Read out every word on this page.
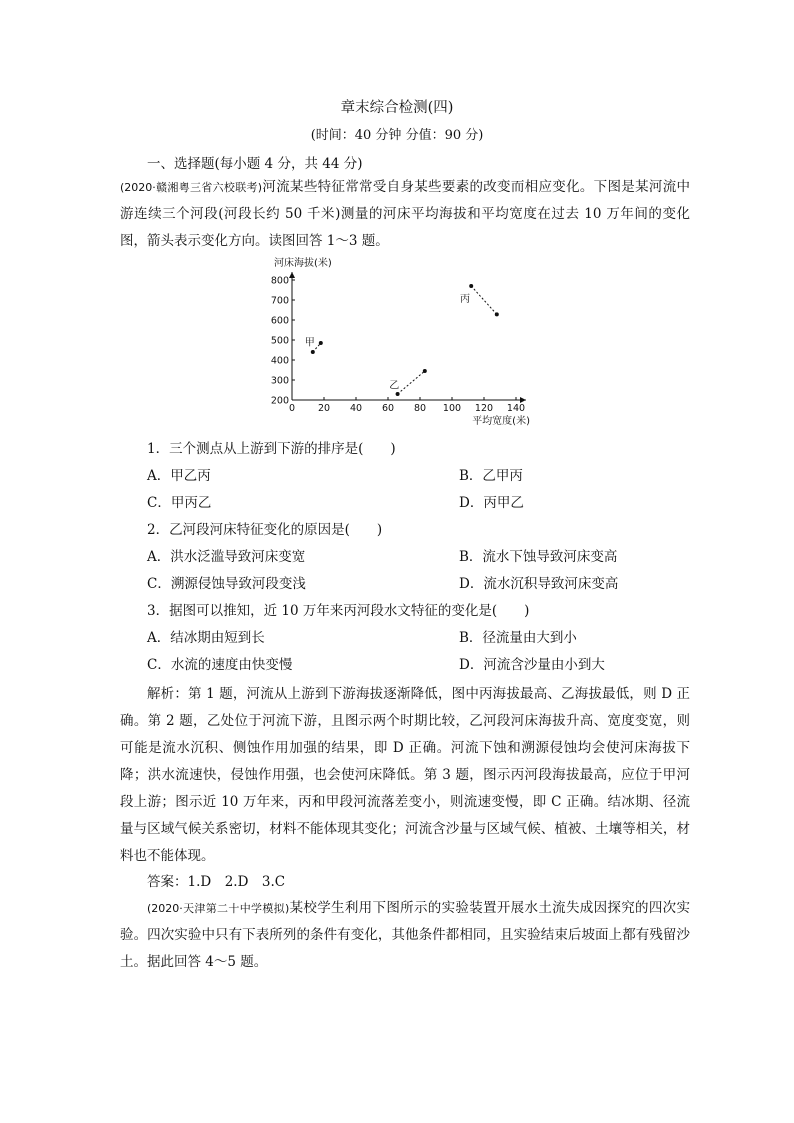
章末综合检测(四)
(时间：40 分钟 分值：90 分)
一、选择题(每小题 4 分，共 44 分)
(2020·赣湘粤三省六校联考)河流某些特征常常受自身某些要素的改变而相应变化。下图是某河流中游连续三个河段(河段长约 50 千米)测量的河床平均海拔和平均宽度在过去 10 万年间的变化图，箭头表示变化方向。读图回答 1～3 题。
0 20 40 60 80 100 120 140
200
300
400
500
600
700
800
河床海拔(米)
平均宽度(米)
甲
乙
丙
1．三个测点从上游到下游的排序是(　　)
A．甲乙丙	B．乙甲丙
C．甲丙乙	D．丙甲乙
2．乙河段河床特征变化的原因是(　　)
A．洪水泛滥导致河床变宽	B．流水下蚀导致河床变高
C．溯源侵蚀导致河段变浅	D．流水沉积导致河床变高
3．据图可以推知，近 10 万年来丙河段水文特征的变化是(　　)
A．结冰期由短到长	B．径流量由大到小
C．水流的速度由快变慢	D．河流含沙量由小到大
解析：第 1 题，河流从上游到下游海拔逐渐降低，图中丙海拔最高、乙海拔最低，则 D 正确。第 2 题，乙处位于河流下游，且图示两个时期比较，乙河段河床海拔升高、宽度变宽，则可能是流水沉积、侧蚀作用加强的结果，即 D 正确。河流下蚀和溯源侵蚀均会使河床海拔下降；洪水流速快，侵蚀作用强，也会使河床降低。第 3 题，图示丙河段海拔最高，应位于甲河段上游；图示近 10 万年来，丙和甲段河流落差变小，则流速变慢，即 C 正确。结冰期、径流量与区域气候关系密切，材料不能体现其变化；河流含沙量与区域气候、植被、土壤等相关，材料也不能体现。
答案：1.D　2.D　3.C
(2020·天津第二十中学模拟)某校学生利用下图所示的实验装置开展水土流失成因探究的四次实验。四次实验中只有下表所列的条件有变化，其他条件都相同，且实验结束后坡面上都有残留沙土。据此回答 4～5 题。
